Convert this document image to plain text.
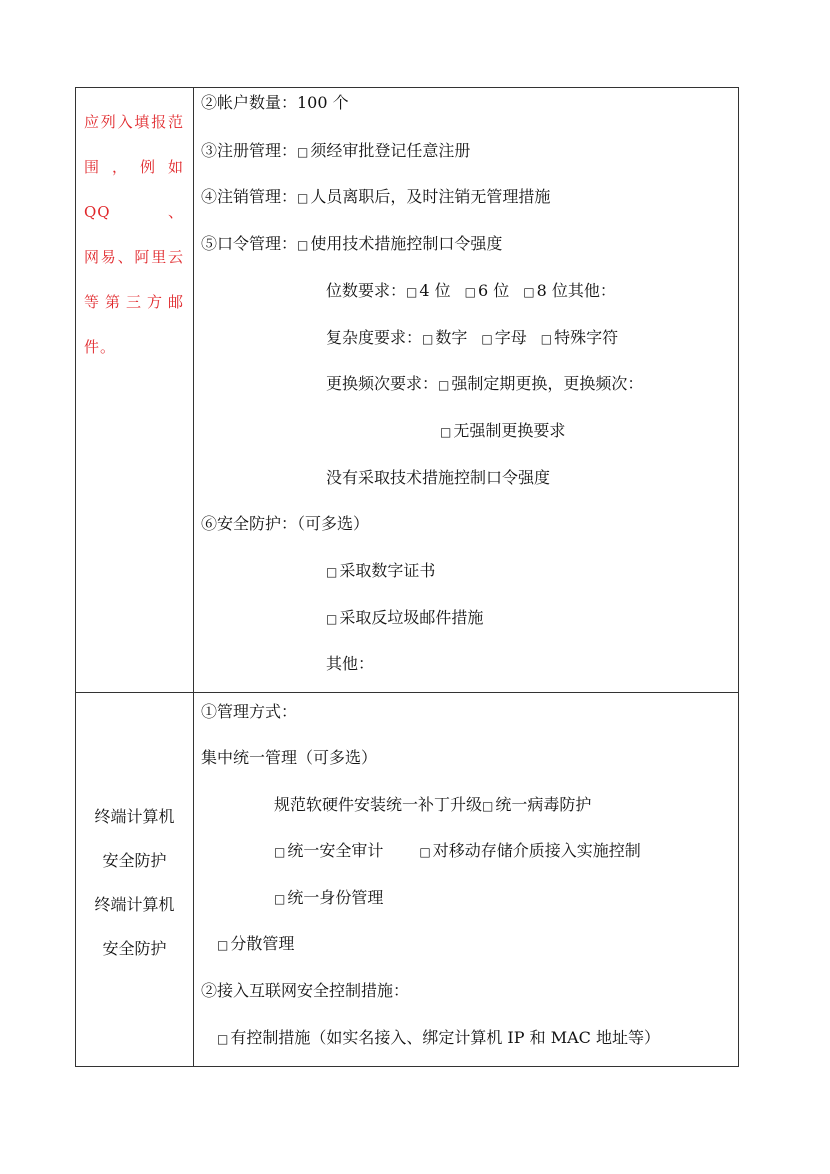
应列入填报范
围，例如QQ、
网易、阿里云
等第三方邮
件。
②帐户数量：100 个
③注册管理：□ 须经审批登记任意注册
④注销管理：□ 人员离职后，及时注销无管理措施
⑤口令管理：□ 使用技术措施控制口令强度
位数要求：□ 4 位 □ 6 位 □ 8 位其他：
复杂度要求：□ 数字 □ 字母 □ 特殊字符
更换频次要求：□ 强制定期更换，更换频次：
□ 无强制更换要求
没有采取技术措施控制口令强度
⑥安全防护：（可多选）
□ 采取数字证书
□ 采取反垃圾邮件措施
其他：
终端计算机
安全防护
终端计算机
安全防护
①管理方式：
集中统一管理（可多选）
规范软硬件安装统一补丁升级□ 统一病毒防护
□ 统一安全审计	□ 对移动存储介质接入实施控制
□ 统一身份管理
□ 分散管理
②接入互联网安全控制措施：
□ 有控制措施（如实名接入、绑定计算机 IP 和 MAC 地址等）
